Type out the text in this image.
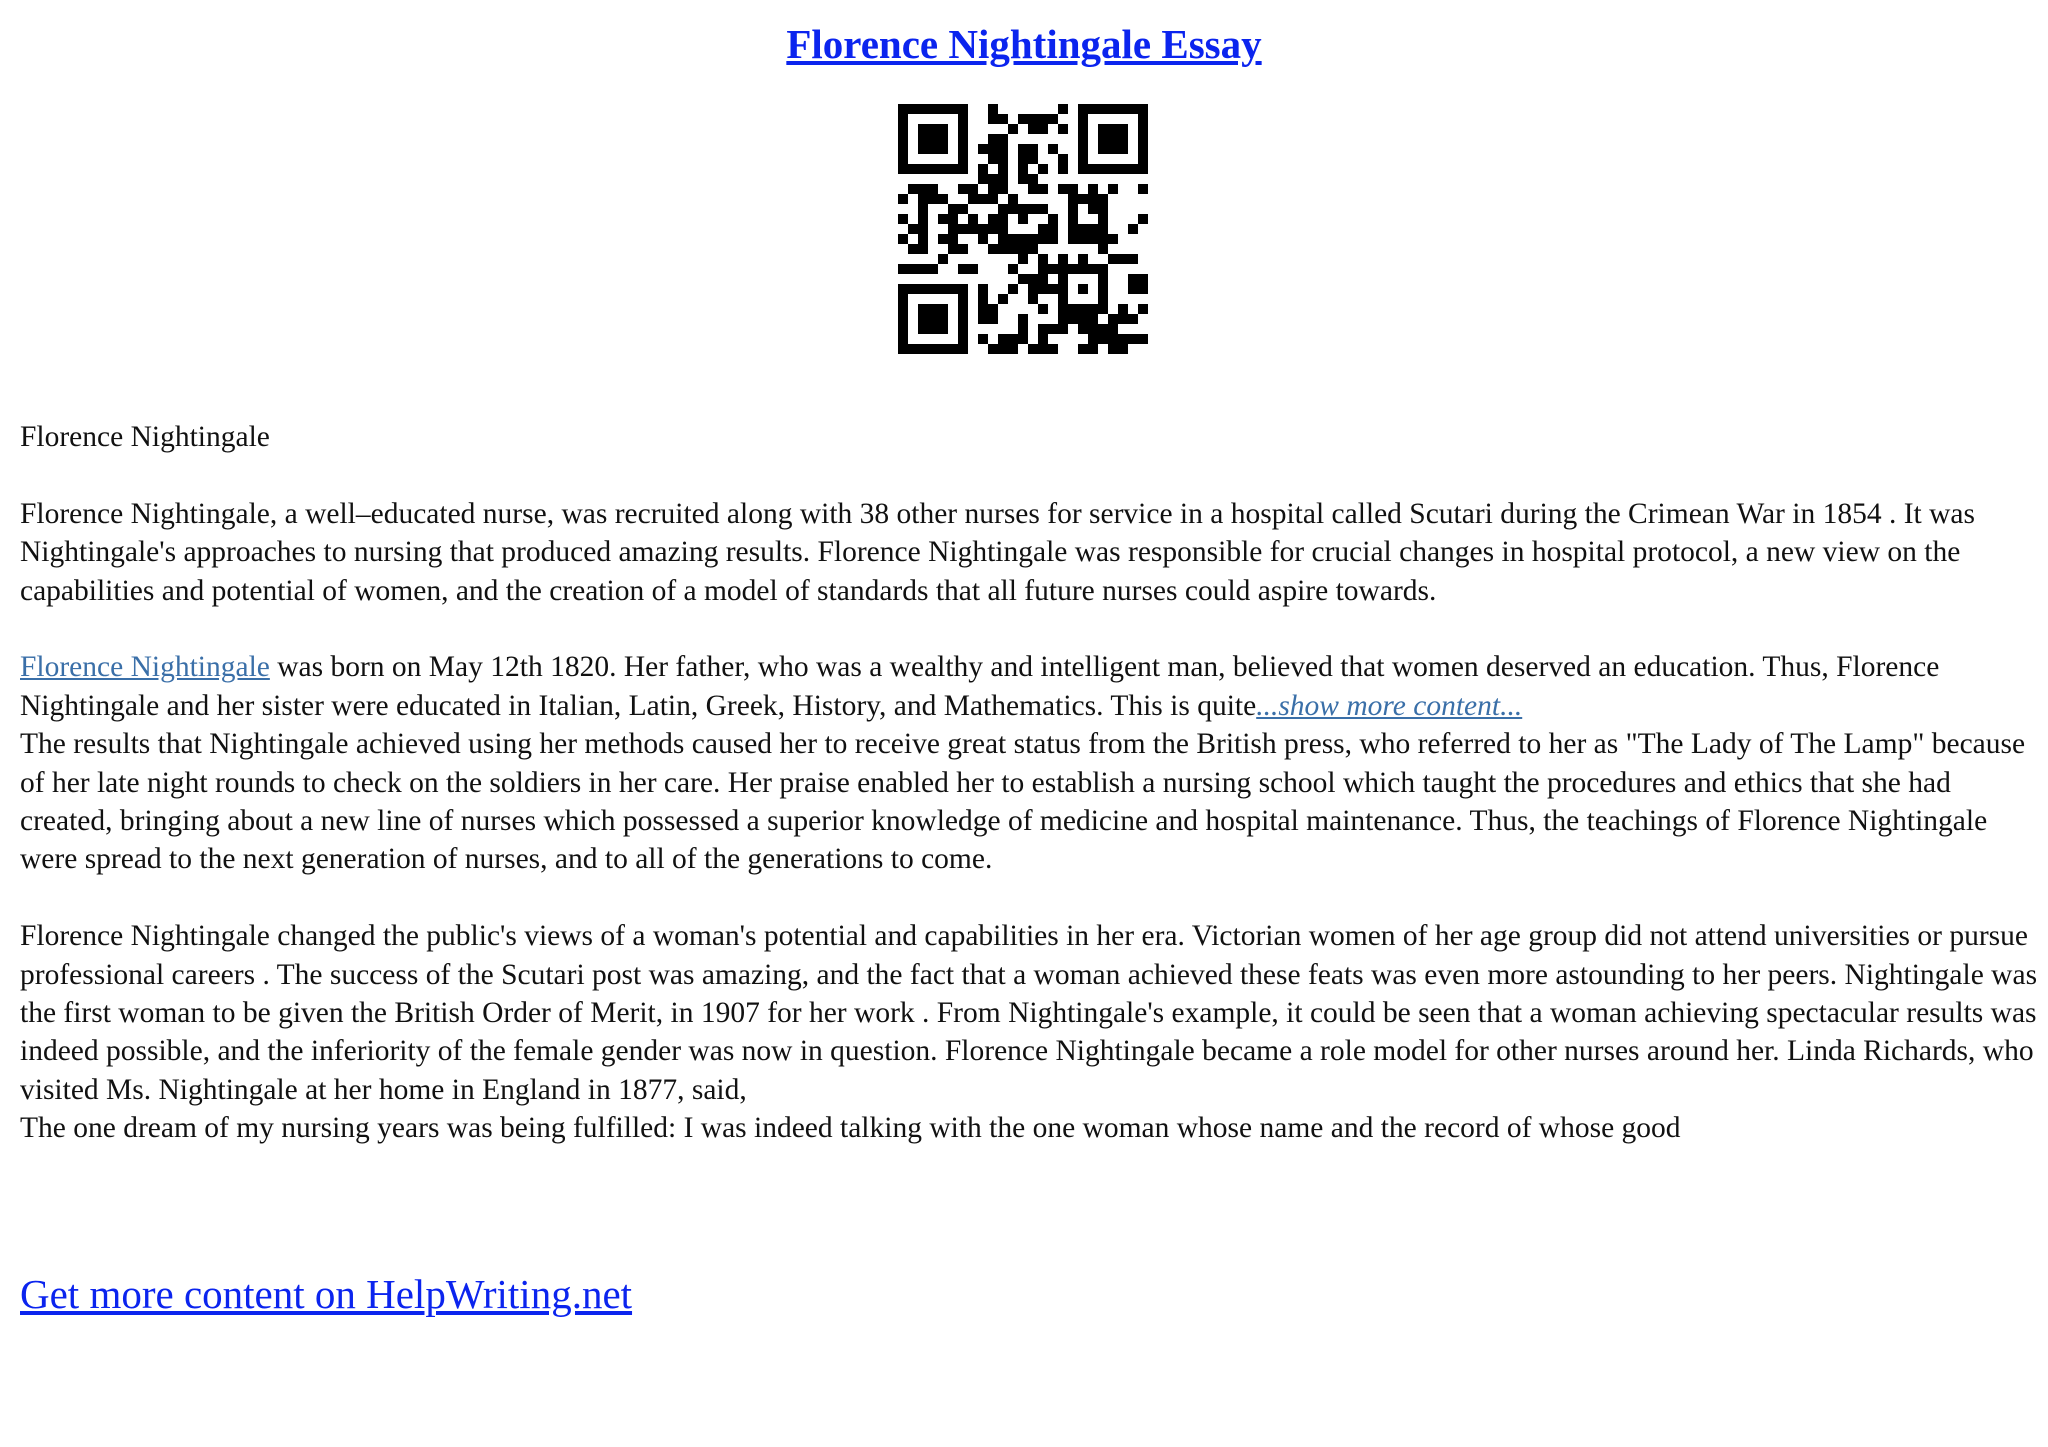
Florence Nightingale Essay

Florence Nightingale

Florence Nightingale, a well–educated nurse, was recruited along with 38 other nurses for service in a hospital called Scutari during the Crimean War in 1854 . It was Nightingale's approaches to nursing that produced amazing results. Florence Nightingale was responsible for crucial changes in hospital protocol, a new view on the capabilities and potential of women, and the creation of a model of standards that all future nurses could aspire towards.

Florence Nightingale was born on May 12th 1820. Her father, who was a wealthy and intelligent man, believed that women deserved an education. Thus, Florence Nightingale and her sister were educated in Italian, Latin, Greek, History, and Mathematics. This is quite...show more content...

The results that Nightingale achieved using her methods caused her to receive great status from the British press, who referred to her as "The Lady of The Lamp" because of her late night rounds to check on the soldiers in her care. Her praise enabled her to establish a nursing school which taught the procedures and ethics that she had created, bringing about a new line of nurses which possessed a superior knowledge of medicine and hospital maintenance. Thus, the teachings of Florence Nightingale were spread to the next generation of nurses, and to all of the generations to come.

Florence Nightingale changed the public's views of a woman's potential and capabilities in her era. Victorian women of her age group did not attend universities or pursue professional careers . The success of the Scutari post was amazing, and the fact that a woman achieved these feats was even more astounding to her peers. Nightingale was the first woman to be given the British Order of Merit, in 1907 for her work . From Nightingale's example, it could be seen that a woman achieving spectacular results was indeed possible, and the inferiority of the female gender was now in question. Florence Nightingale became a role model for other nurses around her. Linda Richards, who visited Ms. Nightingale at her home in England in 1877, said,

The one dream of my nursing years was being fulfilled: I was indeed talking with the one woman whose name and the record of whose good

Get more content on HelpWriting.net
